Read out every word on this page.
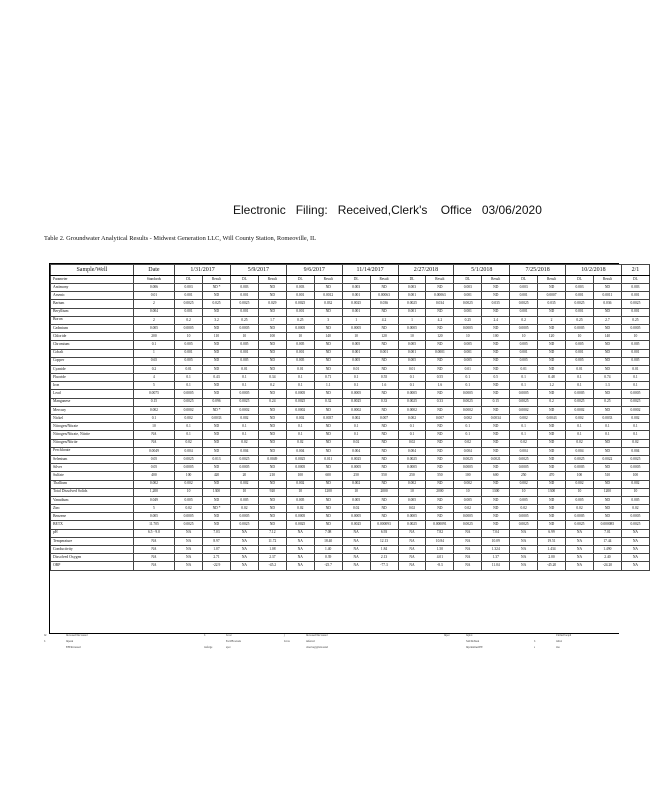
Electronic   Filing:   Received,Clerk's    Office   03/06/2020
Table 2. Groundwater Analytical Results - Midwest Generation LLC, Will County Station, Romeoville, IL
Sample/Well	Date	1/31/2017		5/9/2017		9/6/2017		11/14/2017		2/27/2018		5/1/2018		7/25/2018		10/2/2018		2/1
Parameter	Standards	DL	Result	DL	Result	DL	Result	DL	Result	DL	Result	DL	Result	DL	Result	DL	Result	DL
Antimony	0.006	0.003	ND *	0.003	ND	0.003	ND	0.003	ND	0.003	ND	0.003	ND	0.003	ND	0.003	ND	0.003
Arsenic	0.01	0.001	ND	0.001	ND	0.001	0.0012	0.001	0.00063	0.001	0.00063	0.001	ND	0.001	0.0007	0.001	0.0011	0.001
Barium	2	0.0025	0.025	0.0025	0.029	0.0025	0.032	0.0025	0.036	0.0025	0.034	0.0025	0.035	0.0025	0.035	0.0025	0.036	0.0025
Beryllium	0.004	0.001	ND	0.001	ND	0.001	ND	0.001	ND	0.001	ND	0.001	ND	0.001	ND	0.001	ND	0.001
Boron	2	0.2	3.2	0.25	1.7	0.25	3	1	4.2	1	4.2	0.25	2.4	0.2	2	0.25	2.7	0.25
Cadmium	0.005	0.0005	ND	0.0005	ND	0.0005	ND	0.0005	ND	0.0005	ND	0.0005	ND	0.0005	ND	0.0005	ND	0.0005
Chloride	200	10	110	10	100	10	140	10	120	10	120	10	100	10	120	10	140	10
Chromium	0.1	0.005	ND	0.005	ND	0.005	ND	0.005	ND	0.005	ND	0.005	ND	0.005	ND	0.005	ND	0.005
Cobalt	1	0.001	ND	0.001	ND	0.001	ND	0.001	0.001	0.001	0.0001	0.001	ND	0.001	ND	0.001	ND	0.001
Copper	0.65	0.005	ND	0.005	ND	0.005	ND	0.005	ND	0.005	ND	0.005	ND	0.005	ND	0.005	ND	0.005
Cyanide	0.2	0.01	ND	0.01	ND	0.01	ND	0.01	ND	0.01	ND	0.01	ND	0.01	ND	0.01	ND	0.01
Fluoride	4	0.1	0.43	0.1	0.34	0.1	0.71	0.1	0.55	0.1	0.55	0.1	0.5	0.1	0.48	0.1	0.74	0.1
Iron	5	0.1	ND	0.1	0.2	0.1	1.1	0.1	1.6	0.1	1.6	0.1	ND	0.1	1.2	0.1	1.3	0.1
Lead	0.0075	0.0005	ND	0.0005	ND	0.0005	ND	0.0005	ND	0.0005	ND	0.0005	ND	0.0005	ND	0.0005	ND	0.0005
Manganese	0.15	0.0025	0.096	0.0025	0.24	0.0025	0.32	0.0025	0.33	0.0025	0.33	0.0025	0.15	0.0025	0.2	0.0025	0.25	0.0025
Mercury	0.002	0.0002	ND *	0.0002	ND	0.0002	ND	0.0002	ND	0.0002	ND	0.0002	ND	0.0002	ND	0.0002	ND	0.0002
Nickel	0.1	0.002	0.0033	0.002	ND	0.002	0.0037	0.002	0.007	0.002	0.007	0.002	0.0034	0.002	0.0043	0.002	0.0033	0.002
Nitrogen/Nitrate	10	0.1	ND	0.1	ND	0.1	ND	0.1	ND	0.1	ND	0.1	ND	0.1	ND	0.1	0.1	0.1
Nitrogen/Nitrate, Nitrite	NA	0.1	ND	0.1	ND	0.1	ND	0.1	ND	0.1	ND	0.1	ND	0.1	ND	0.1	0.1	0.1
Nitrogen/Nitrite	NA	0.02	ND	0.02	ND	0.02	ND	0.02	ND	0.02	ND	0.02	ND	0.02	ND	0.02	ND	0.02
Perchlorate	0.0049	0.004	ND	0.004	ND	0.004	ND	0.004	ND	0.004	ND	0.004	ND	0.004	ND	0.004	ND	0.004
Selenium	0.05	0.0025	0.013	0.0025	0.0049	0.0025	0.011	0.0025	ND	0.0025	ND	0.0025	0.0021	0.0025	ND	0.0025	0.0022	0.0025
Silver	0.05	0.0005	ND	0.0005	ND	0.0005	ND	0.0005	ND	0.0005	ND	0.0005	ND	0.0005	ND	0.0005	ND	0.0005
Sulfate	400	100	420	20	210	100	600	250	550	250	550	100	600	250	470	100	510	100
Thallium	0.002	0.002	ND	0.002	ND	0.002	ND	0.002	ND	0.002	ND	0.002	ND	0.002	ND	0.002	ND	0.002
Total Dissolved Solids	1,200	10	1300	10	920	10	1200	10	2000	10	2000	10	1300	10	1300	10	1200	10
Vanadium	0.049	0.005	ND	0.005	ND	0.005	ND	0.005	ND	0.005	ND	0.005	ND	0.005	ND	0.005	ND	0.005
Zinc	5	0.02	ND *	0.02	ND	0.02	ND	0.02	ND	0.02	ND	0.02	ND	0.02	ND	0.02	ND	0.02
Benzene	0.005	0.0005	ND	0.0005	ND	0.0005	ND	0.0005	ND	0.0005	ND	0.0005	ND	0.0005	ND	0.0005	ND	0.0005
BETX	11.705	0.0025	ND	0.0025	ND	0.0025	ND	0.0025	0.000093	0.0025	0.000091	0.0025	ND	0.0025	ND	0.0025	0.000085	0.0025
pH	6.5 - 9.0	NA	7.03	NA	7.12	NA	7.08	NA	6.93	NA	7.82	NA	7.04	NA	6.99	NA	7.01	NA
Temperature	NA	NA	8.97	NA	11.72	NA	18.40	NA	12.13	NA	10.84	NA	10.09	NA	19.51	NA	17.44	NA
Conductivity	NA	NA	1.07	NA	1.08	NA	1.40	NA	1.84	NA	1.50	NA	1.324	NA	1.434	NA	1.490	NA
Dissolved Oxygen	NA	NA	2.71	NA	2.37	NA	0.39	NA	2.13	NA	4.01	NA	1.37	NA	2.00	NA	2.40	NA
ORP	NA	NA	-22.9	NA	-45.2	NA	-25.7	NA	-77.3	NA	-8.3	NA	11.04	NA	-45.20	NA	-24.20	NA
Itc	Increased/Decreased	b	bcosc	j	Increased/Decreased	Inpor	Japfoi	Unified/Graph
b	Inpeak	Ea/d/Brocreek	Ltvas	deferred	Sail/DoSkan	b	labrol
EEEIncreased	lasforge	apot	observeg/gristrooand	Inp/destined/EE	s	daa
